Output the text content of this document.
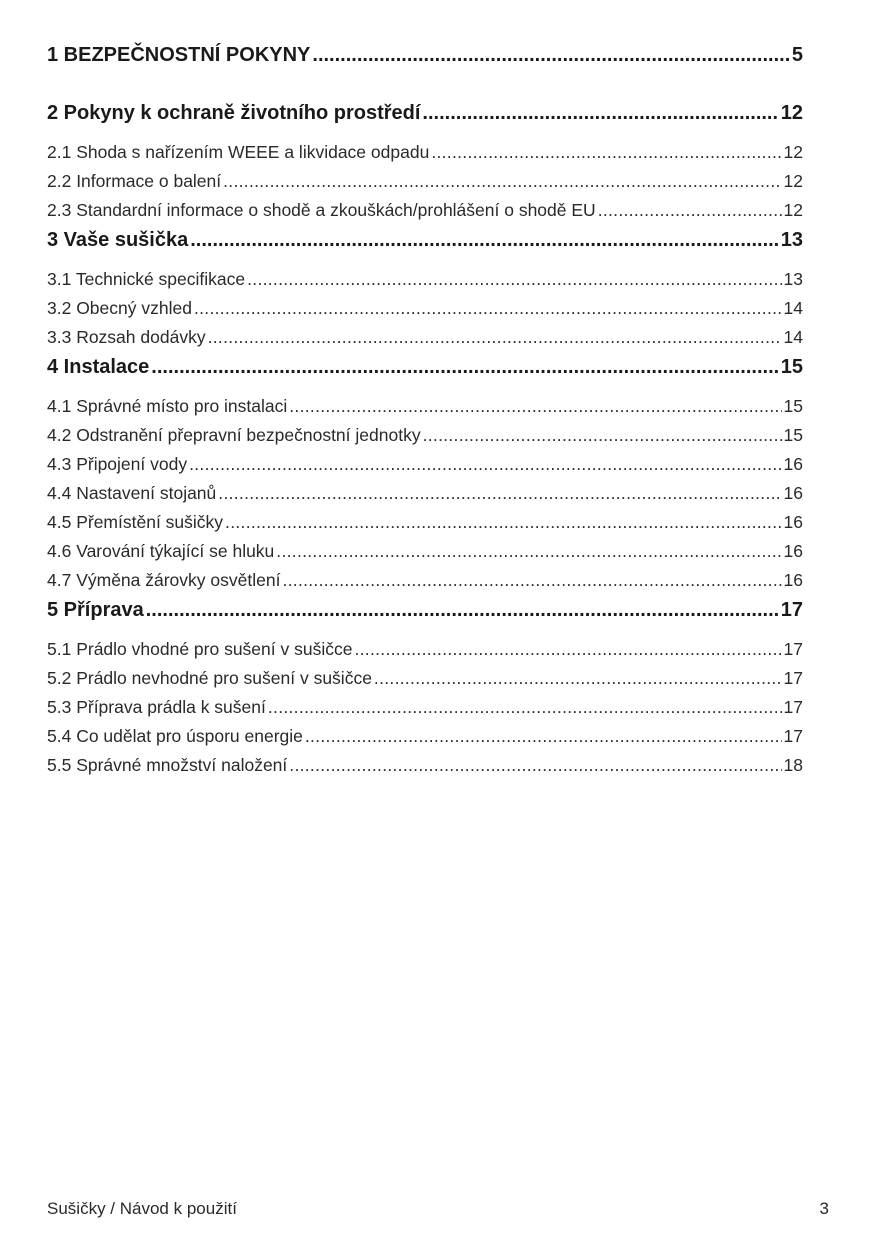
1 BEZPEČNOSTNÍ POKYNY .....	5
2 Pokyny k ochraně životního prostředí .....	12
2.1 Shoda s nařízením WEEE a likvidace odpadu .....	12
2.2 Informace o balení .....	12
2.3 Standardní informace o shodě a zkouškách/prohlášení o shodě EU .....	12
3 Vaše sušička .....	13
3.1 Technické specifikace .....	13
3.2 Obecný vzhled .....	14
3.3 Rozsah dodávky .....	14
4 Instalace .....	15
4.1 Správné místo pro instalaci .....	15
4.2 Odstranění přepravní bezpečnostní jednotky .....	15
4.3 Připojení vody .....	16
4.4 Nastavení stojanů .....	16
4.5 Přemístění sušičky .....	16
4.6 Varování týkající se hluku .....	16
4.7 Výměna žárovky osvětlení .....	16
5 Příprava .....	17
5.1 Prádlo vhodné pro sušení v sušičce .....	17
5.2 Prádlo nevhodné pro sušení v sušičce .....	17
5.3 Příprava prádla k sušení .....	17
5.4 Co udělat pro úsporu energie .....	17
5.5 Správné množství naložení .....	18
Sušičky / Návod k použití	3
